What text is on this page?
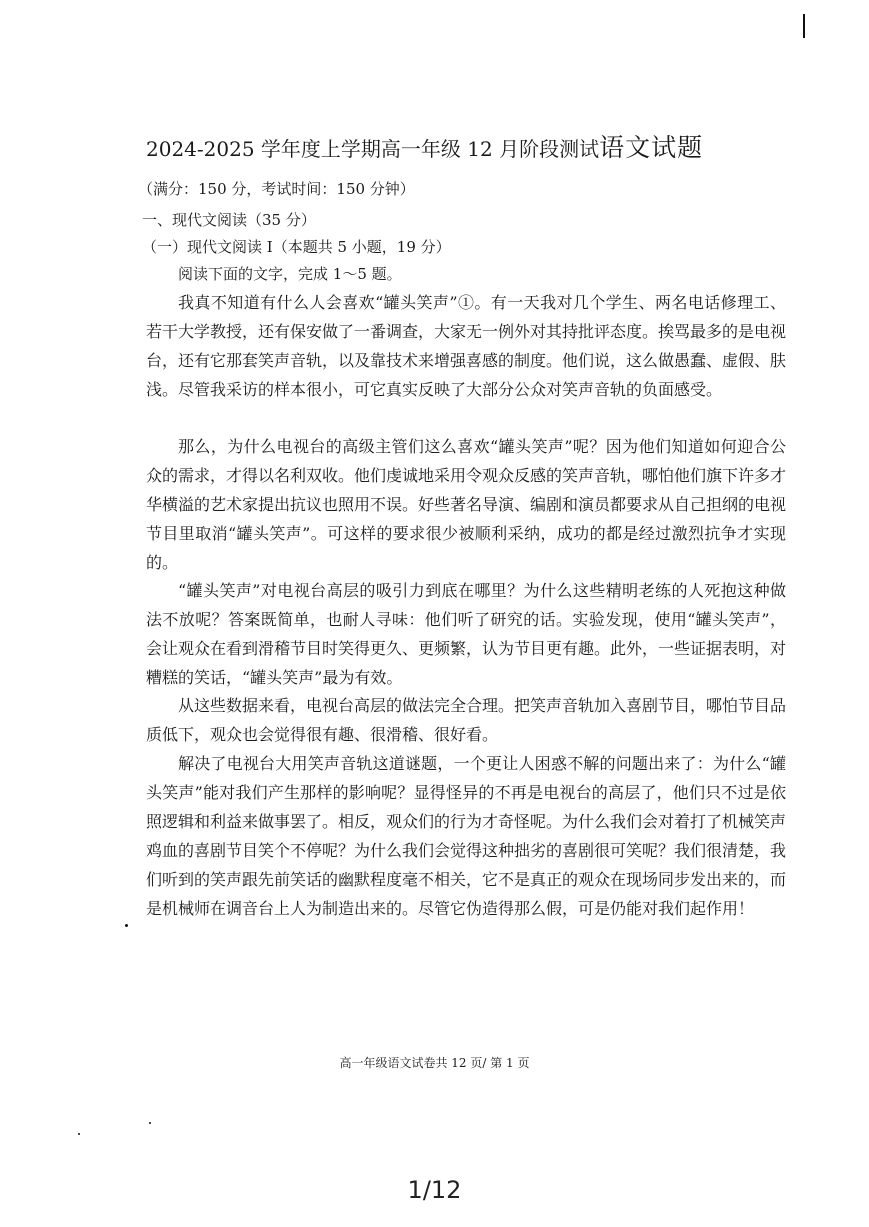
2024-2025 学年度上学期高一年级 12 月阶段测试语文试题
（满分：150 分，考试时间：150 分钟）
一、现代文阅读（35 分）
（一）现代文阅读 I（本题共 5 小题，19 分）
阅读下面的文字，完成 1～5 题。

我真不知道有什么人会喜欢“罐头笑声”①。有一天我对几个学生、两名电话修理工、若干大学教授，还有保安做了一番调查，大家无一例外对其持批评态度。挨骂最多的是电视台，还有它那套笑声音轨，以及靠技术来增强喜感的制度。他们说，这么做愚蠢、虚假、肤浅。尽管我采访的样本很小，可它真实反映了大部分公众对笑声音轨的负面感受。

那么，为什么电视台的高级主管们这么喜欢“罐头笑声”呢？因为他们知道如何迎合公众的需求，才得以名利双收。他们虔诚地采用令观众反感的笑声音轨，哪怕他们旗下许多才华横溢的艺术家提出抗议也照用不误。好些著名导演、编剧和演员都要求从自己担纲的电视节目里取消“罐头笑声”。可这样的要求很少被顺利采纳，成功的都是经过激烈抗争才实现的。

“罐头笑声”对电视台高层的吸引力到底在哪里？为什么这些精明老练的人死抱这种做法不放呢？答案既简单，也耐人寻味：他们听了研究的话。实验发现，使用“罐头笑声”，会让观众在看到滑稽节目时笑得更久、更频繁，认为节目更有趣。此外，一些证据表明，对糟糕的笑话，“罐头笑声”最为有效。

从这些数据来看，电视台高层的做法完全合理。把笑声音轨加入喜剧节目，哪怕节目品质低下，观众也会觉得很有趣、很滑稽、很好看。

解决了电视台大用笑声音轨这道谜题，一个更让人困惑不解的问题出来了：为什么“罐头笑声”能对我们产生那样的影响呢？显得怪异的不再是电视台的高层了，他们只不过是依照逻辑和利益来做事罢了。相反，观众们的行为才奇怪呢。为什么我们会对着打了机械笑声鸡血的喜剧节目笑个不停呢？为什么我们会觉得这种拙劣的喜剧很可笑呢？我们很清楚，我们听到的笑声跟先前笑话的幽默程度毫不相关，它不是真正的观众在现场同步发出来的，而是机械师在调音台上人为制造出来的。尽管它伪造得那么假，可是仍能对我们起作用！

高一年级语文试卷共 12 页/ 第 1 页
1/12
